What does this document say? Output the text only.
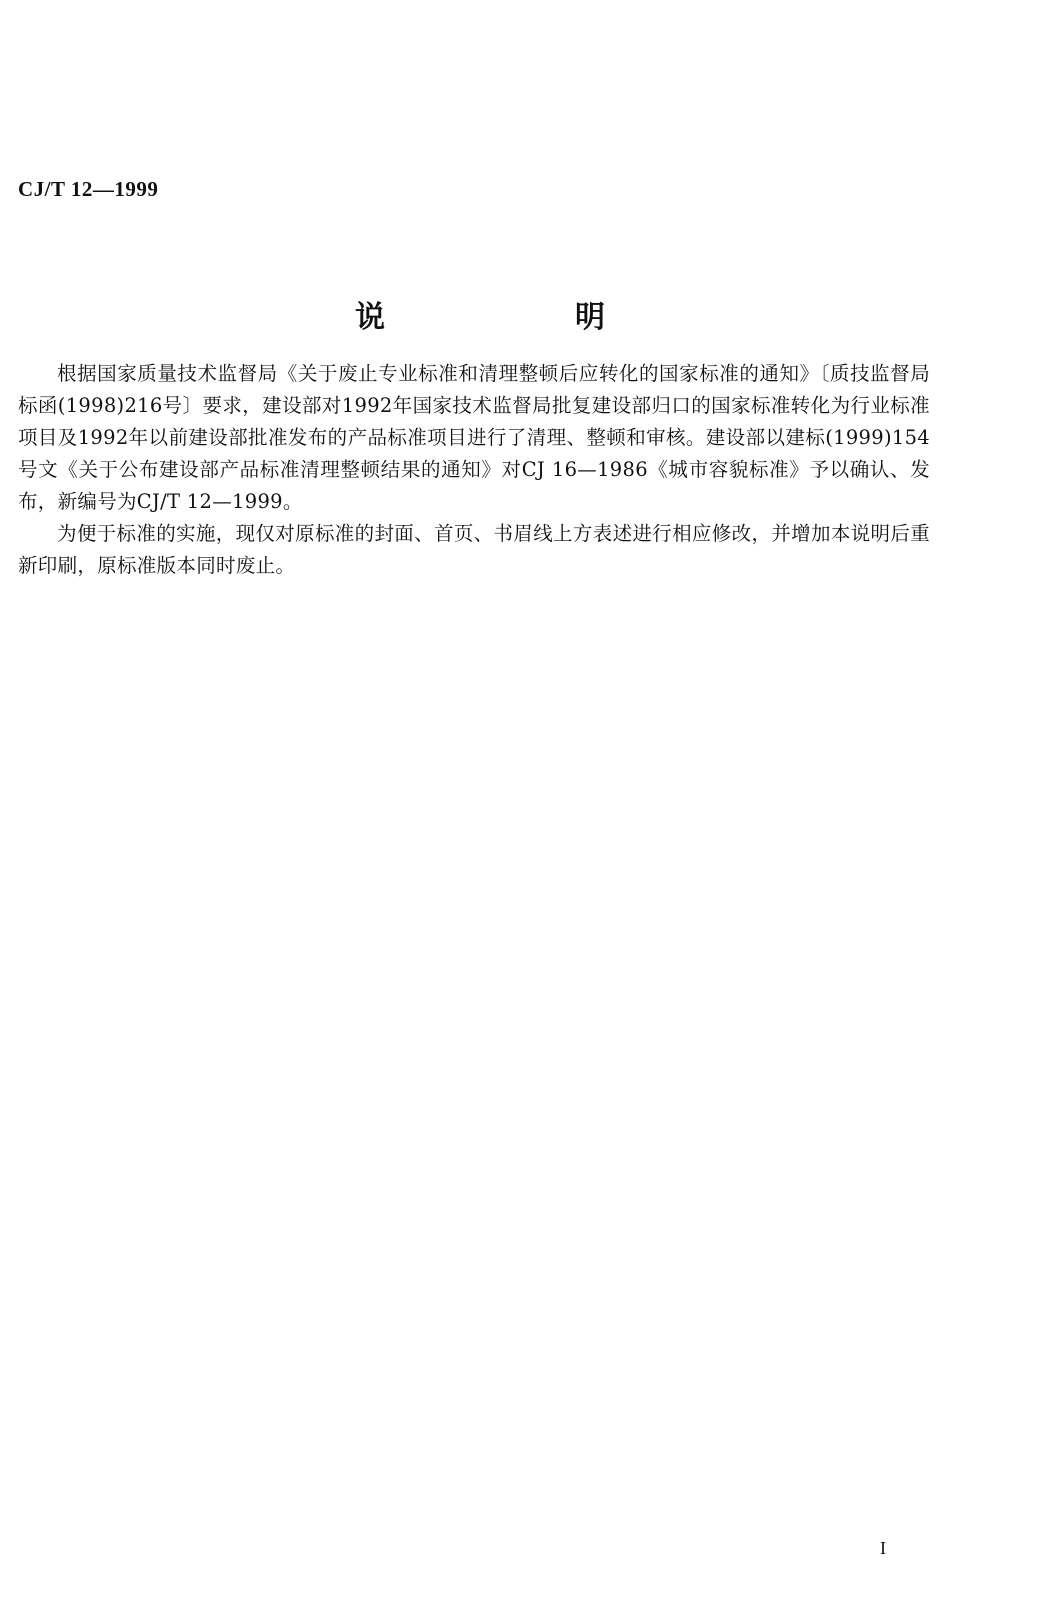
CJ/T 12—1999
说　明

根据国家质量技术监督局《关于废止专业标准和清理整顿后应转化的国家标准的通知》〔质技监督局标函(1998)216号〕要求，建设部对1992年国家技术监督局批复建设部归口的国家标准转化为行业标准项目及1992年以前建设部批准发布的产品标准项目进行了清理、整顿和审核。建设部以建标(1999)154号文《关于公布建设部产品标准清理整顿结果的通知》对CJ 16—1986《城市容貌标准》予以确认、发布，新编号为CJ/T 12—1999。

为便于标准的实施，现仅对原标准的封面、首页、书眉线上方表述进行相应修改，并增加本说明后重新印刷，原标准版本同时废止。

I
